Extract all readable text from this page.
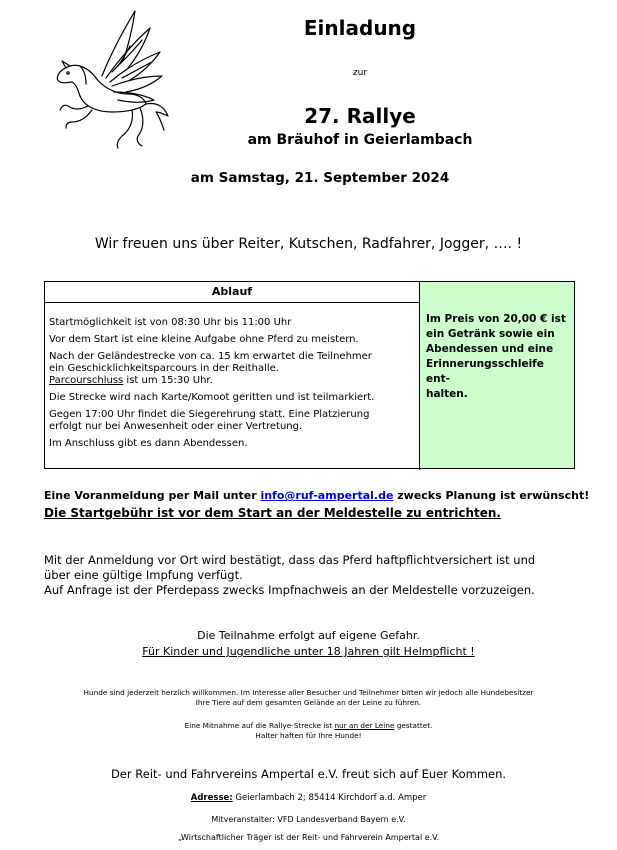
Einladung
zur
27. Rallye
am Bräuhof in Geierlambach
am Samstag, 21. September 2024
Wir freuen uns über Reiter, Kutschen, Radfahrer, Jogger, …. !
Ablauf

Startmöglichkeit ist von 08:30 Uhr bis 11:00 Uhr

Vor dem Start ist eine kleine Aufgabe ohne Pferd zu meistern.

Nach der Geländestrecke von ca. 15 km erwartet die Teilnehmer
ein Geschicklichkeitsparcours in der Reithalle.
Parcourschluss ist um 15:30 Uhr.

Die Strecke wird nach Karte/Komoot geritten und ist teilmarkiert.

Gegen 17:00 Uhr findet die Siegerehrung statt. Eine Platzierung
erfolgt nur bei Anwesenheit oder einer Vertretung.

Im Anschluss gibt es dann Abendessen.

Im Preis von 20,00 € ist
ein Getränk sowie ein
Abendessen und eine
Erinnerungsschleife ent-
halten.
Eine Voranmeldung per Mail unter info@ruf-ampertal.de zwecks Planung ist erwünscht!
Die Startgebühr ist vor dem Start an der Meldestelle zu entrichten.
Mit der Anmeldung vor Ort wird bestätigt, dass das Pferd haftpflichtversichert ist und
über eine gültige Impfung verfügt.
Auf Anfrage ist der Pferdepass zwecks Impfnachweis an der Meldestelle vorzuzeigen.
Die Teilnahme erfolgt auf eigene Gefahr.
Für Kinder und Jugendliche unter 18 Jahren gilt Helmpflicht !
Hunde sind jederzeit herzlich willkommen. Im Interesse aller Besucher und Teilnehmer bitten wir jedoch alle Hundebesitzer
Ihre Tiere auf dem gesamten Gelände an der Leine zu führen.
Eine Mitnahme auf die Rallye-Strecke ist nur an der Leine gestattet.
Halter haften für Ihre Hunde!
Der Reit- und Fahrvereins Ampertal e.V. freut sich auf Euer Kommen.
Adresse: Geierlambach 2; 85414 Kirchdorf a.d. Amper
Mitveranstalter: VFD Landesverband Bayern e.V.
„Wirtschaftlicher Träger ist der Reit- und Fahrverein Ampertal e.V.
